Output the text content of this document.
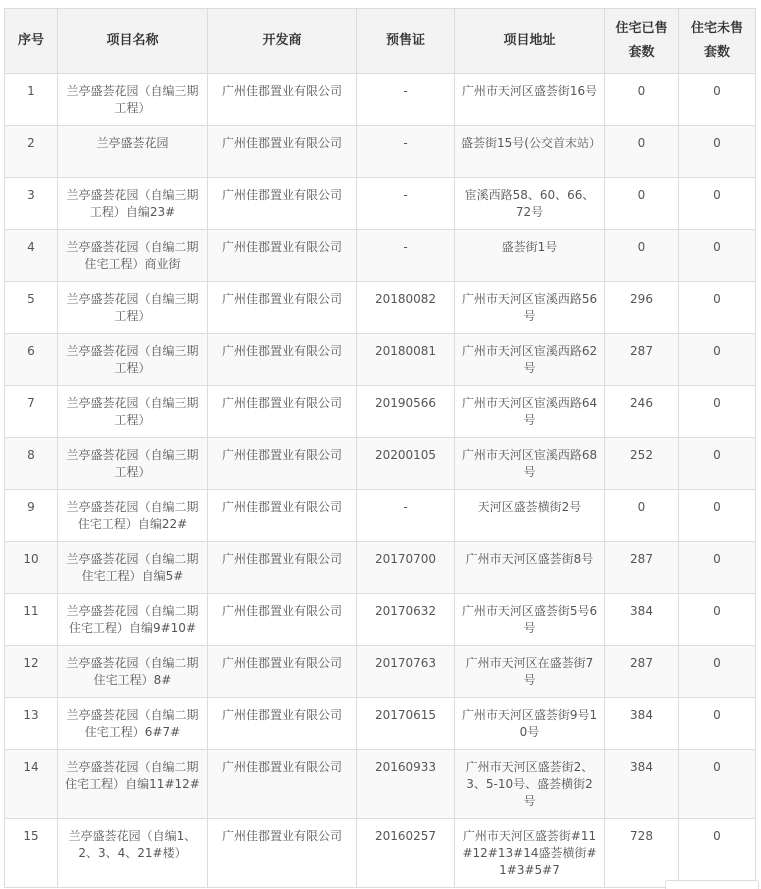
序号	项目名称	开发商	预售证	项目地址	住宅已售套数	住宅未售套数
1	兰亭盛荟花园（自编三期工程）	广州佳郡置业有限公司	-	广州市天河区盛荟街16号	0	0
2	兰亭盛荟花园	广州佳郡置业有限公司	-	盛荟街15号(公交首末站）	0	0
3	兰亭盛荟花园（自编三期工程）自编23#	广州佳郡置业有限公司	-	宦溪西路58、60、66、72号	0	0
4	兰亭盛荟花园（自编二期住宅工程）商业街	广州佳郡置业有限公司	-	盛荟街1号	0	0
5	兰亭盛荟花园（自编三期工程）	广州佳郡置业有限公司	20180082	广州市天河区宦溪西路56号	296	0
6	兰亭盛荟花园（自编三期工程）	广州佳郡置业有限公司	20180081	广州市天河区宦溪西路62号	287	0
7	兰亭盛荟花园（自编三期工程）	广州佳郡置业有限公司	20190566	广州市天河区宦溪西路64号	246	0
8	兰亭盛荟花园（自编三期工程）	广州佳郡置业有限公司	20200105	广州市天河区宦溪西路68号	252	0
9	兰亭盛荟花园（自编二期住宅工程）自编22#	广州佳郡置业有限公司	-	天河区盛荟横街2号	0	0
10	兰亭盛荟花园（自编二期住宅工程）自编5#	广州佳郡置业有限公司	20170700	广州市天河区盛荟街8号	287	0
11	兰亭盛荟花园（自编二期住宅工程）自编9#10#	广州佳郡置业有限公司	20170632	广州市天河区盛荟街5号6号	384	0
12	兰亭盛荟花园（自编二期住宅工程）8#	广州佳郡置业有限公司	20170763	广州市天河区在盛荟街7号	287	0
13	兰亭盛荟花园（自编二期住宅工程）6#7#	广州佳郡置业有限公司	20170615	广州市天河区盛荟街9号10号	384	0
14	兰亭盛荟花园（自编二期住宅工程）自编11#12#	广州佳郡置业有限公司	20160933	广州市天河区盛荟街2、3、5-10号、盛荟横街2号	384	0
15	兰亭盛荟花园（自编1、2、3、4、21#楼）	广州佳郡置业有限公司	20160257	广州市天河区盛荟街#11#12#13#14盛荟横街#1#3#5#7	728	0
